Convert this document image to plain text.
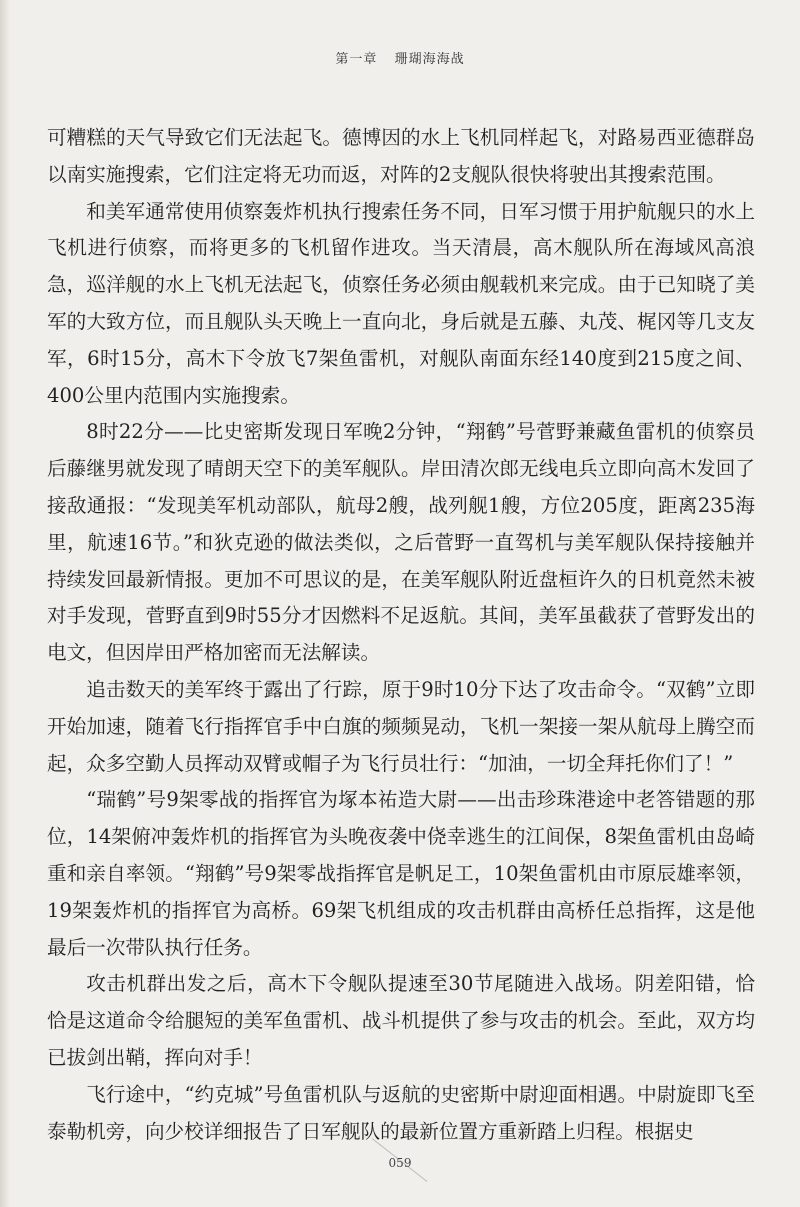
第一章 珊瑚海海战

可糟糕的天气导致它们无法起飞。德博因的水上飞机同样起飞，对路易西亚德群岛以南实施搜索，它们注定将无功而返，对阵的2支舰队很快将驶出其搜索范围。

和美军通常使用侦察轰炸机执行搜索任务不同，日军习惯于用护航舰只的水上飞机进行侦察，而将更多的飞机留作进攻。当天清晨，高木舰队所在海域风高浪急，巡洋舰的水上飞机无法起飞，侦察任务必须由舰载机来完成。由于已知晓了美军的大致方位，而且舰队头天晚上一直向北，身后就是五藤、丸茂、梶冈等几支友军，6时15分，高木下令放飞7架鱼雷机，对舰队南面东经140度到215度之间、400公里内范围内实施搜索。

8时22分——比史密斯发现日军晚2分钟，“翔鹤”号菅野兼藏鱼雷机的侦察员后藤继男就发现了晴朗天空下的美军舰队。岸田清次郎无线电兵立即向高木发回了接敌通报：“发现美军机动部队，航母2艘，战列舰1艘，方位205度，距离235海里，航速16节。”和狄克逊的做法类似，之后菅野一直驾机与美军舰队保持接触并持续发回最新情报。更加不可思议的是，在美军舰队附近盘桓许久的日机竟然未被对手发现，菅野直到9时55分才因燃料不足返航。其间，美军虽截获了菅野发出的电文，但因岸田严格加密而无法解读。

追击数天的美军终于露出了行踪，原于9时10分下达了攻击命令。“双鹤”立即开始加速，随着飞行指挥官手中白旗的频频晃动，飞机一架接一架从航母上腾空而起，众多空勤人员挥动双臂或帽子为飞行员壮行：“加油，一切全拜托你们了！”

“瑞鹤”号9架零战的指挥官为塚本祐造大尉——出击珍珠港途中老答错题的那位，14架俯冲轰炸机的指挥官为头晚夜袭中侥幸逃生的江间保，8架鱼雷机由岛崎重和亲自率领。“翔鹤”号9架零战指挥官是帆足工，10架鱼雷机由市原辰雄率领，19架轰炸机的指挥官为高桥。69架飞机组成的攻击机群由高桥任总指挥，这是他最后一次带队执行任务。

攻击机群出发之后，高木下令舰队提速至30节尾随进入战场。阴差阳错，恰恰是这道命令给腿短的美军鱼雷机、战斗机提供了参与攻击的机会。至此，双方均已拔剑出鞘，挥向对手！

飞行途中，“约克城”号鱼雷机队与返航的史密斯中尉迎面相遇。中尉旋即飞至泰勒机旁，向少校详细报告了日军舰队的最新位置方重新踏上归程。根据史

059
